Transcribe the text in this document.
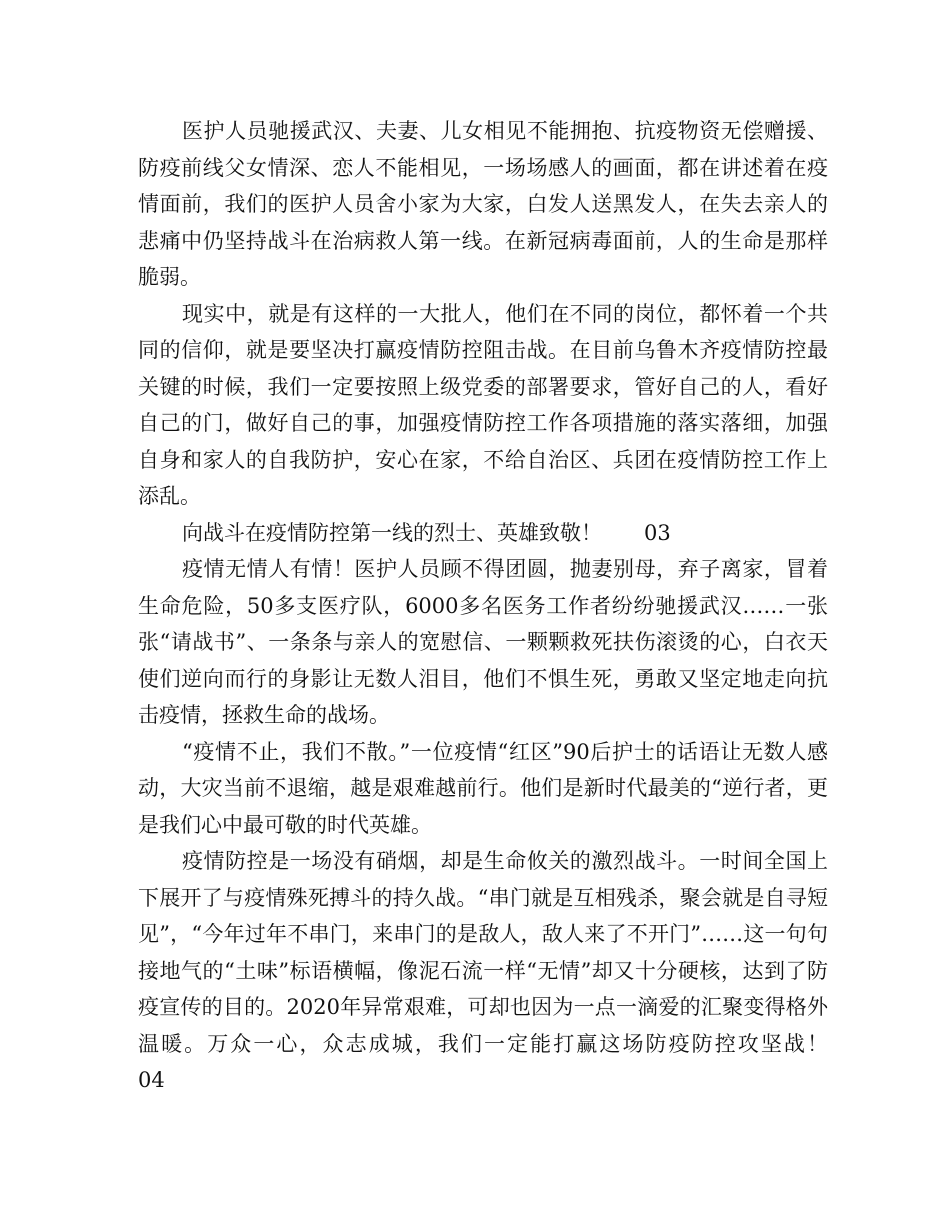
医护人员驰援武汉、夫妻、儿女相见不能拥抱、抗疫物资无偿赠援、防疫前线父女情深、恋人不能相见，一场场感人的画面，都在讲述着在疫情面前，我们的医护人员舍小家为大家，白发人送黑发人，在失去亲人的悲痛中仍坚持战斗在治病救人第一线。在新冠病毒面前，人的生命是那样脆弱。

现实中，就是有这样的一大批人，他们在不同的岗位，都怀着一个共同的信仰，就是要坚决打赢疫情防控阻击战。在目前乌鲁木齐疫情防控最关键的时候，我们一定要按照上级党委的部署要求，管好自己的人，看好自己的门，做好自己的事，加强疫情防控工作各项措施的落实落细，加强自身和家人的自我防护，安心在家，不给自治区、兵团在疫情防控工作上添乱。

向战斗在疫情防控第一线的烈士、英雄致敬！　　03

疫情无情人有情！医护人员顾不得团圆，抛妻别母，弃子离家，冒着生命危险，50多支医疗队，6000多名医务工作者纷纷驰援武汉……一张张“请战书”、一条条与亲人的宽慰信、一颗颗救死扶伤滚烫的心，白衣天使们逆向而行的身影让无数人泪目，他们不惧生死，勇敢又坚定地走向抗击疫情，拯救生命的战场。

“疫情不止，我们不散。”一位疫情“红区”90后护士的话语让无数人感动，大灾当前不退缩，越是艰难越前行。他们是新时代最美的“逆行者，更是我们心中最可敬的时代英雄。

疫情防控是一场没有硝烟，却是生命攸关的激烈战斗。一时间全国上下展开了与疫情殊死搏斗的持久战。“串门就是互相残杀，聚会就是自寻短见”，“今年过年不串门，来串门的是敌人，敌人来了不开门”……这一句句接地气的“土味”标语横幅，像泥石流一样“无情”却又十分硬核，达到了防疫宣传的目的。2020年异常艰难，可却也因为一点一滴爱的汇聚变得格外温暖。万众一心，众志成城，我们一定能打赢这场防疫防控攻坚战！　　04
